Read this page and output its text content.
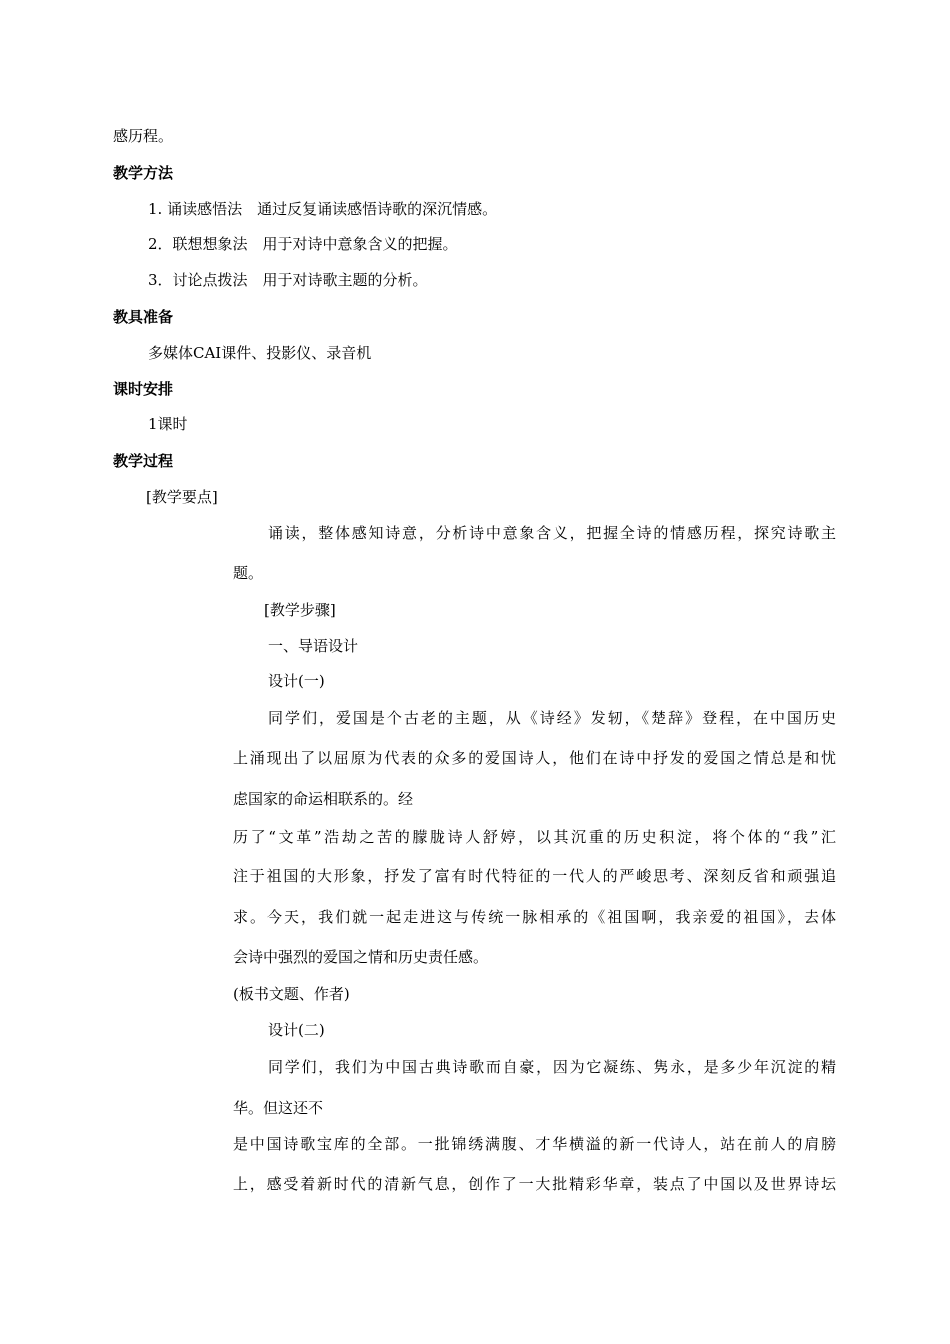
感历程。

教学方法

1. 诵读感悟法　通过反复诵读感悟诗歌的深沉情感。

2．联想想象法　用于对诗中意象含义的把握。

3．讨论点拨法　用于对诗歌主题的分析。

教具准备

多媒体CAI课件、投影仪、录音机

课时安排

1课时

教学过程

[教学要点]

诵读，整体感知诗意，分析诗中意象含义，把握全诗的情感历程，探究诗歌主

题。

[教学步骤]

一、导语设计

设计(一)

同学们，爱国是个古老的主题，从《诗经》发轫，《楚辞》登程，在中国历史

上涌现出了以屈原为代表的众多的爱国诗人，他们在诗中抒发的爱国之情总是和忧

虑国家的命运相联系的。经

历了“文革”浩劫之苦的朦胧诗人舒婷，以其沉重的历史积淀，将个体的“我”汇

注于祖国的大形象，抒发了富有时代特征的一代人的严峻思考、深刻反省和顽强追

求。今天，我们就一起走进这与传统一脉相承的《祖国啊，我亲爱的祖国》，去体

会诗中强烈的爱国之情和历史责任感。

(板书文题、作者)

设计(二)

同学们，我们为中国古典诗歌而自豪，因为它凝练、隽永，是多少年沉淀的精

华。但这还不

是中国诗歌宝库的全部。一批锦绣满腹、才华横溢的新一代诗人，站在前人的肩膀

上，感受着新时代的清新气息，创作了一大批精彩华章，装点了中国以及世界诗坛
